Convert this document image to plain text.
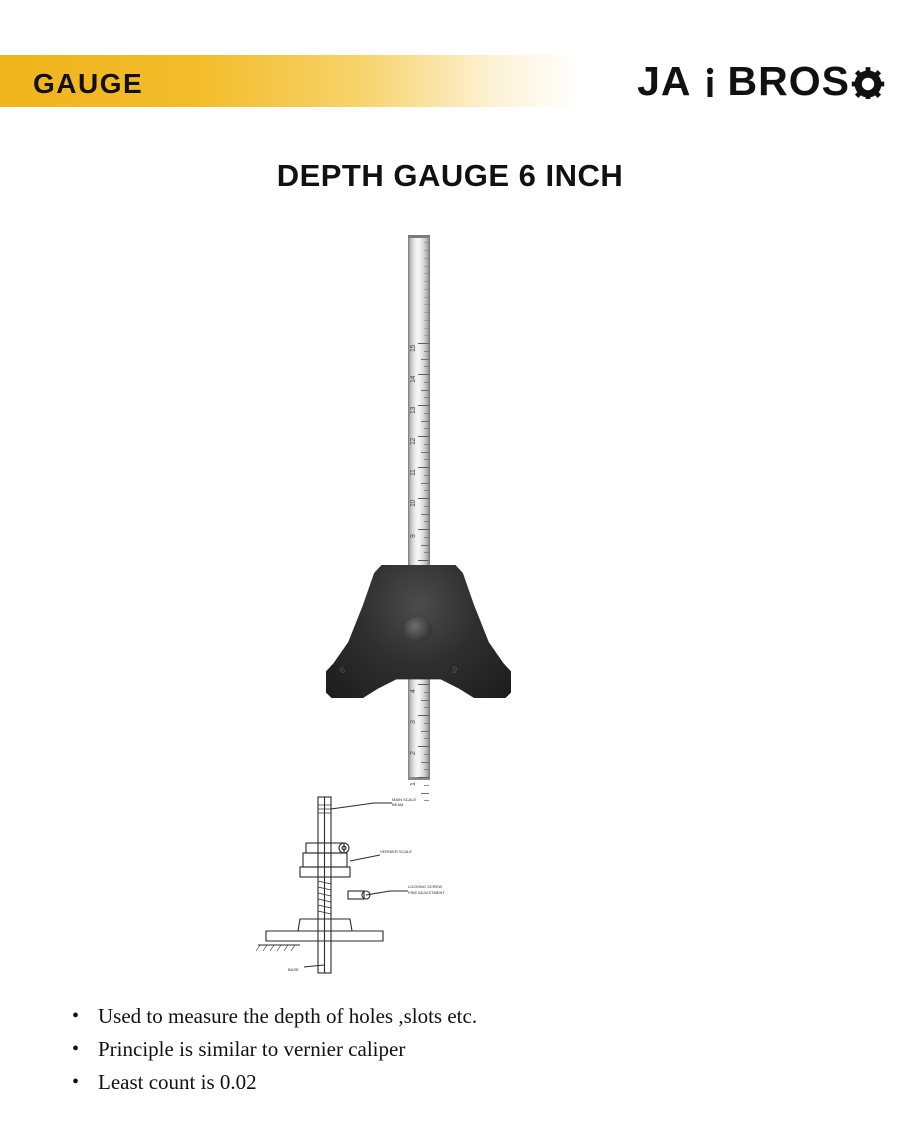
GAUGE	JA BROS
DEPTH GAUGE 6 INCH
15
14
13
12
11
10
9
4
3
2
1
6	9
MAIN SCALE
BEAM
VERNIER SCALE
LOCKING SCREW
FINE ADJUSTMENT
BASE
• Used to measure the depth of holes ,slots etc.
• Principle is similar to vernier caliper
• Least count is 0.02
